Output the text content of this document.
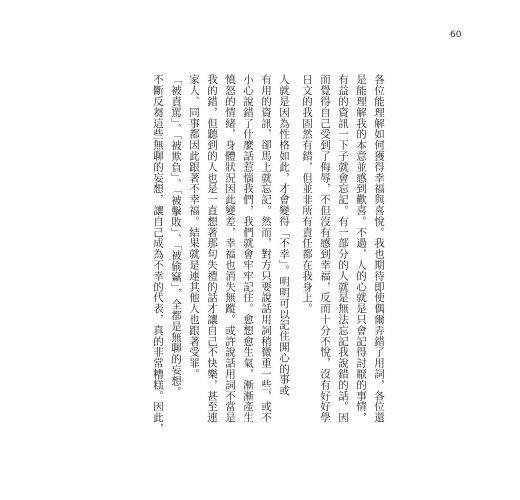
60
各位能理解如何獲得幸福與喜悅。我也期待即使偶爾弄錯了用詞，各位還
是能理解我的本意並感到歡喜。不過，人的心就是只會記得討厭的事情，
有益的資訊一下子就會忘記。有一部分的人就是無法忘記我說錯的話。因
而覺得自己受到了侮辱，不但沒有感到幸福，反而十分不悅，沒有好好學
日文的我固然有錯，但並非所有責任都在我身上。
人就是因為性格如此，才會變得「不幸」。明明可以記住開心的事或
有用的資訊，卻馬上就忘記。然而，對方只要說話用詞稍微重一些，或不
小心說錯了什麼話惹惱我們，我們就會牢牢記住。愈想愈生氣，漸漸產生
憤怒的情緒，身體狀況因此變差，幸福也消失無蹤。或許說話用詞不當是
我的錯，但聽到的人也是一直想著那句失禮的話才讓自己不快樂，甚至連
家人、同事都因此跟著不幸福。結果就是連其他人也跟著受罪。
「被責罵」、「被欺負」、「被擊敗」、「被偷竊」，全都是無聊的妄想。
不斷反芻這些無聊的妄想，讓自己成為不幸的代表，真的非常糟糕。因此，
